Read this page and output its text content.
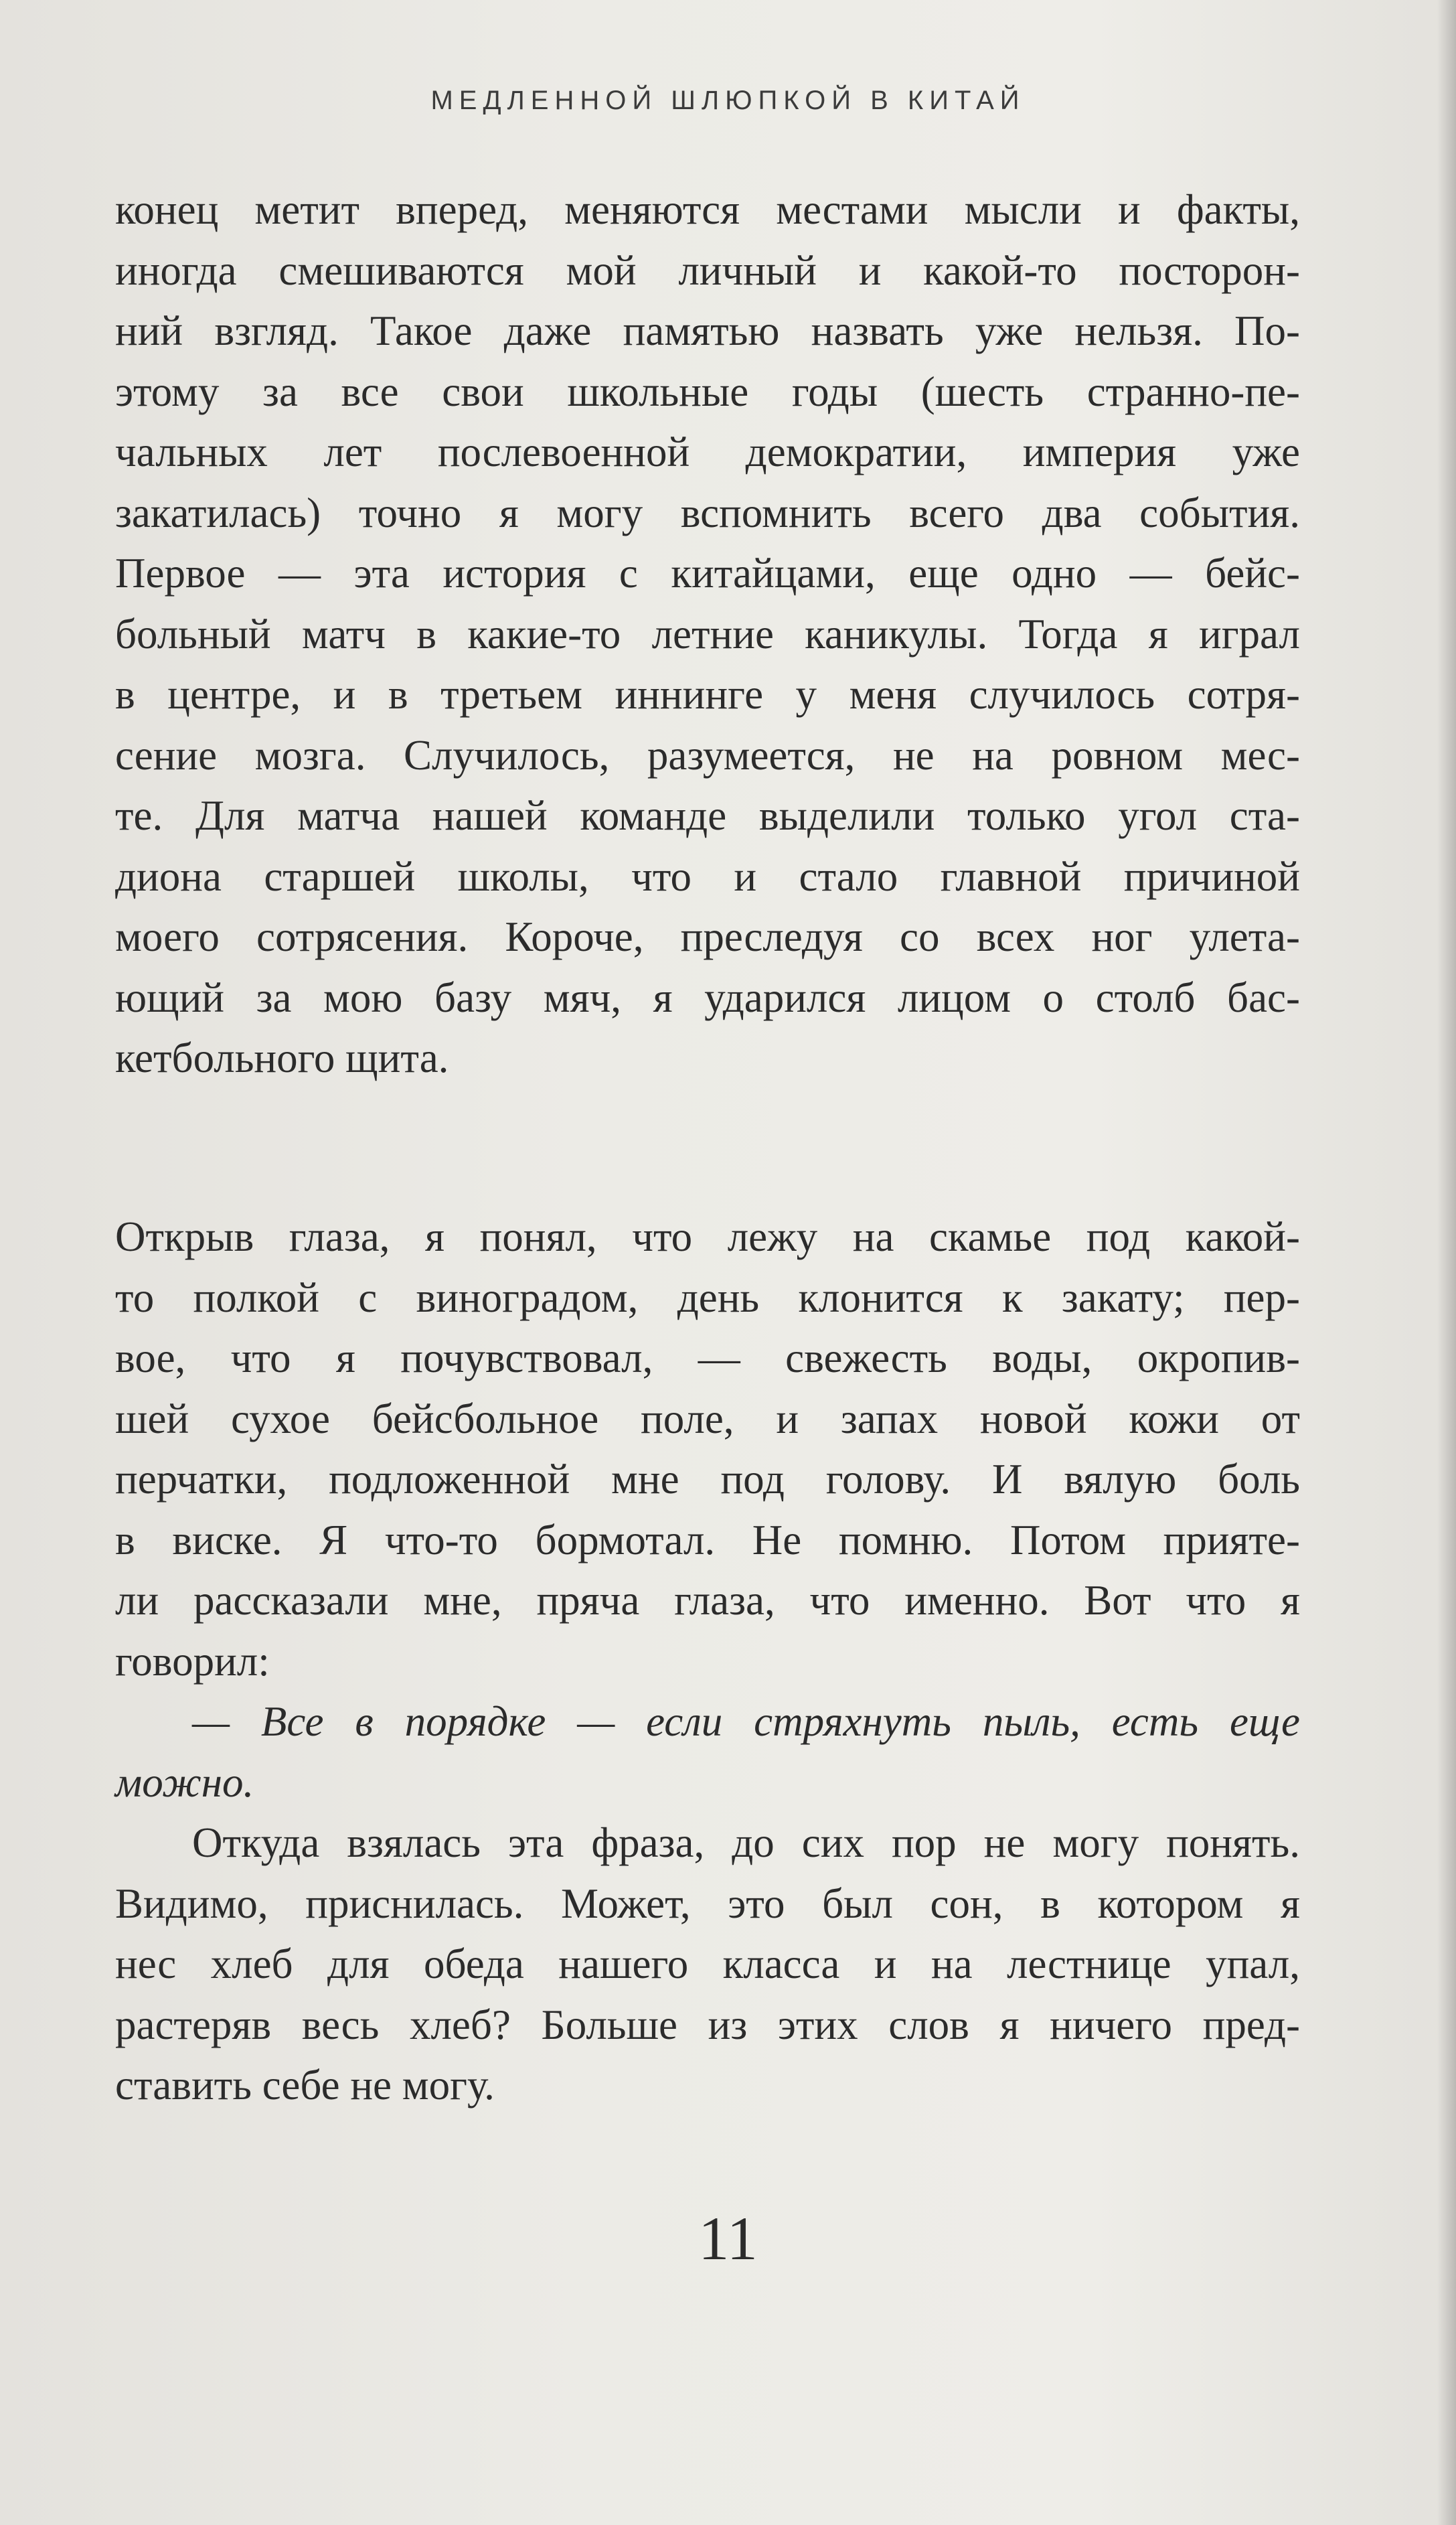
МЕДЛЕННОЙ ШЛЮПКОЙ В КИТАЙ
конец метит вперед, меняются местами мысли и факты,
иногда смешиваются мой личный и какой-то посторон-
ний взгляд. Такое даже памятью назвать уже нельзя. По-
этому за все свои школьные годы (шесть странно-пе-
чальных лет послевоенной демократии, империя уже
закатилась) точно я могу вспомнить всего два события.
Первое — эта история с китайцами, еще одно — бейс-
больный матч в какие-то летние каникулы. Тогда я играл
в центре, и в третьем иннинге у меня случилось сотря-
сение мозга. Случилось, разумеется, не на ровном мес-
те. Для матча нашей команде выделили только угол ста-
диона старшей школы, что и стало главной причиной
моего сотрясения. Короче, преследуя со всех ног улета-
ющий за мою базу мяч, я ударился лицом о столб бас-
кетбольного щита.
Открыв глаза, я понял, что лежу на скамье под какой-
то полкой с виноградом, день клонится к закату; пер-
вое, что я почувствовал, — свежесть воды, окропив-
шей сухое бейсбольное поле, и запах новой кожи от
перчатки, подложенной мне под голову. И вялую боль
в виске. Я что-то бормотал. Не помню. Потом прияте-
ли рассказали мне, пряча глаза, что именно. Вот что я
говорил:
— Все в порядке — если стряхнуть пыль, есть еще
можно.
Откуда взялась эта фраза, до сих пор не могу понять.
Видимо, приснилась. Может, это был сон, в котором я
нес хлеб для обеда нашего класса и на лестнице упал,
растеряв весь хлеб? Больше из этих слов я ничего пред-
ставить себе не могу.
11
